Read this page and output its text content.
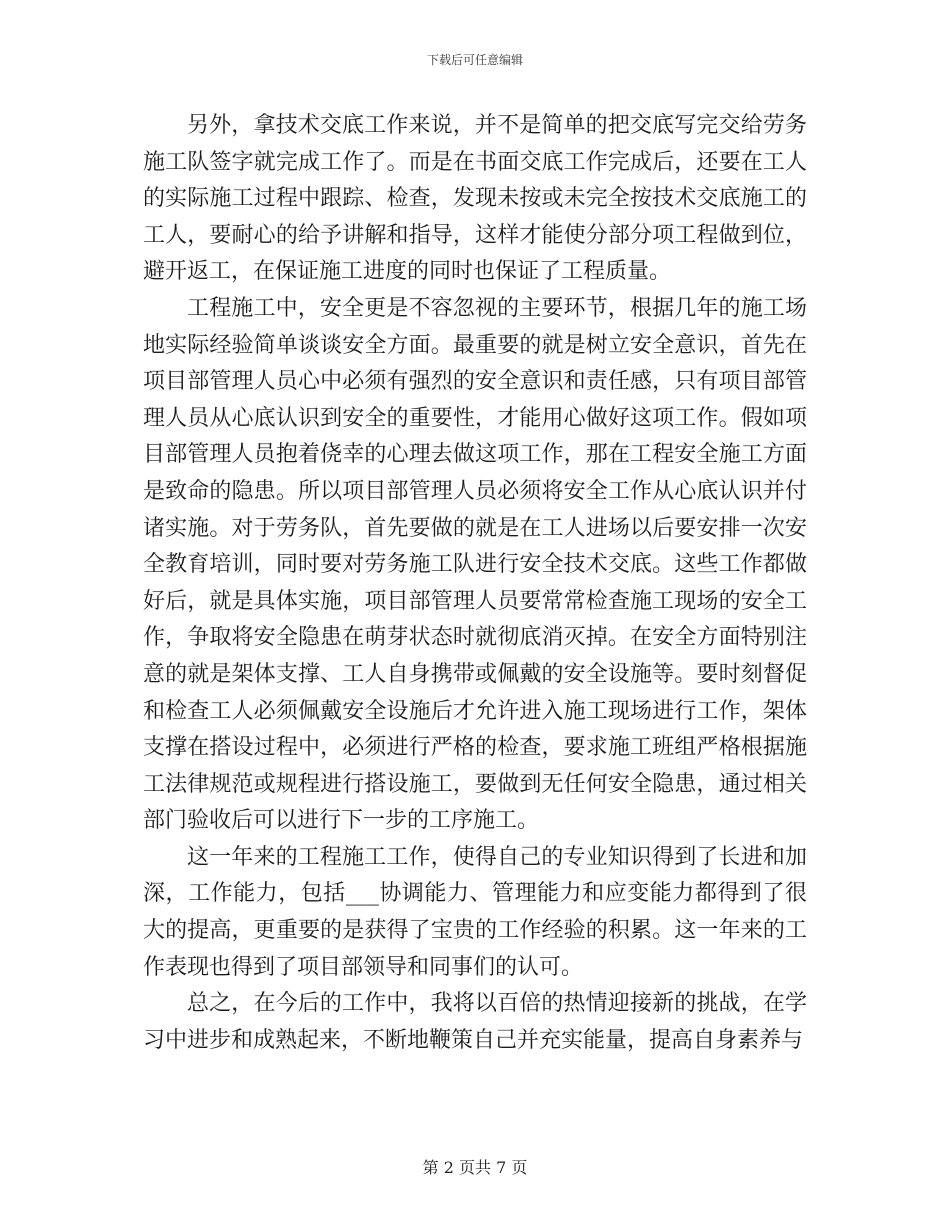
下载后可任意编辑

另外，拿技术交底工作来说，并不是简单的把交底写完交给劳务施工队签字就完成工作了。而是在书面交底工作完成后，还要在工人的实际施工过程中跟踪、检查，发现未按或未完全按技术交底施工的工人，要耐心的给予讲解和指导，这样才能使分部分项工程做到位，避开返工，在保证施工进度的同时也保证了工程质量。

工程施工中，安全更是不容忽视的主要环节，根据几年的施工场地实际经验简单谈谈安全方面。最重要的就是树立安全意识，首先在项目部管理人员心中必须有强烈的安全意识和责任感，只有项目部管理人员从心底认识到安全的重要性，才能用心做好这项工作。假如项目部管理人员抱着侥幸的心理去做这项工作，那在工程安全施工方面是致命的隐患。所以项目部管理人员必须将安全工作从心底认识并付诸实施。对于劳务队，首先要做的就是在工人进场以后要安排一次安全教育培训，同时要对劳务施工队进行安全技术交底。这些工作都做好后，就是具体实施，项目部管理人员要常常检查施工现场的安全工作，争取将安全隐患在萌芽状态时就彻底消灭掉。在安全方面特别注意的就是架体支撑、工人自身携带或佩戴的安全设施等。要时刻督促和检查工人必须佩戴安全设施后才允许进入施工现场进行工作，架体支撑在搭设过程中，必须进行严格的检查，要求施工班组严格根据施工法律规范或规程进行搭设施工，要做到无任何安全隐患，通过相关部门验收后可以进行下一步的工序施工。

这一年来的工程施工工作，使得自己的专业知识得到了长进和加深，工作能力，包括___协调能力、管理能力和应变能力都得到了很大的提高，更重要的是获得了宝贵的工作经验的积累。这一年来的工作表现也得到了项目部领导和同事们的认可。

总之，在今后的工作中，我将以百倍的热情迎接新的挑战，在学习中进步和成熟起来，不断地鞭策自己并充实能量，提高自身素养与

第 2 页共 7 页
